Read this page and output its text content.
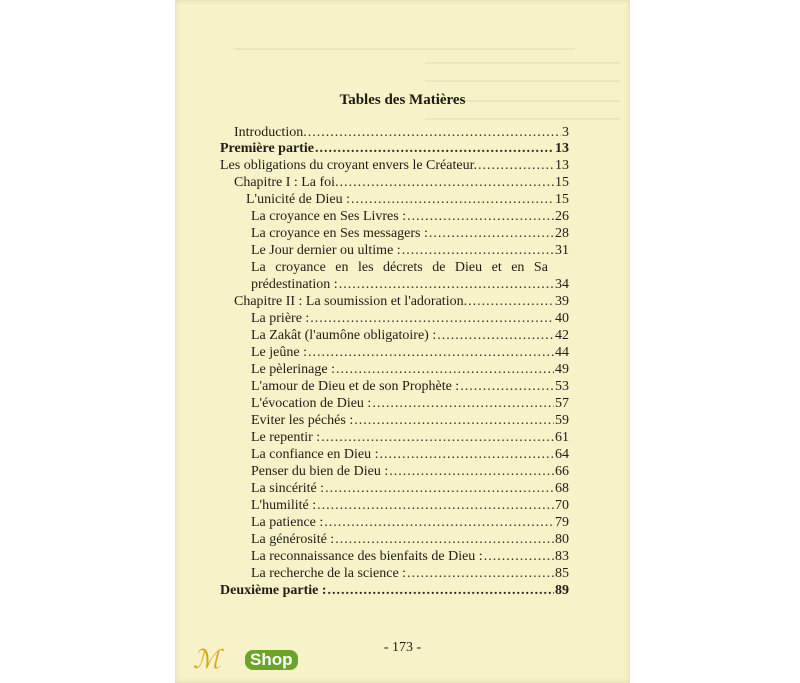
Tables des Matières
Introduction. .....	3
Première partie .....	13
Les obligations du croyant envers le Créateur. .....	13
Chapitre I : La foi. .....	15
L'unicité de Dieu : .....	15
La croyance en Ses Livres : .....	26
La croyance en Ses messagers : .....	28
Le Jour dernier ou ultime : .....	31
La croyance en les décrets de Dieu et en Sa
prédestination : .....	34
Chapitre II : La soumission et l'adoration. .....	39
La prière : .....	40
La Zakât (l'aumône obligatoire) : .....	42
Le jeûne : .....	44
Le pèlerinage : .....	49
L'amour de Dieu et de son Prophète : .....	53
L'évocation de Dieu : .....	57
Eviter les péchés : .....	59
Le repentir : .....	61
La confiance en Dieu : .....	64
Penser du bien de Dieu : .....	66
La sincérité : .....	68
L'humilité : .....	70
La patience : .....	79
La générosité : .....	80
La reconnaissance des bienfaits de Dieu : .....	83
La recherche de la science : .....	85
Deuxième partie : .....	89
- 173 -
ℳ Shop
